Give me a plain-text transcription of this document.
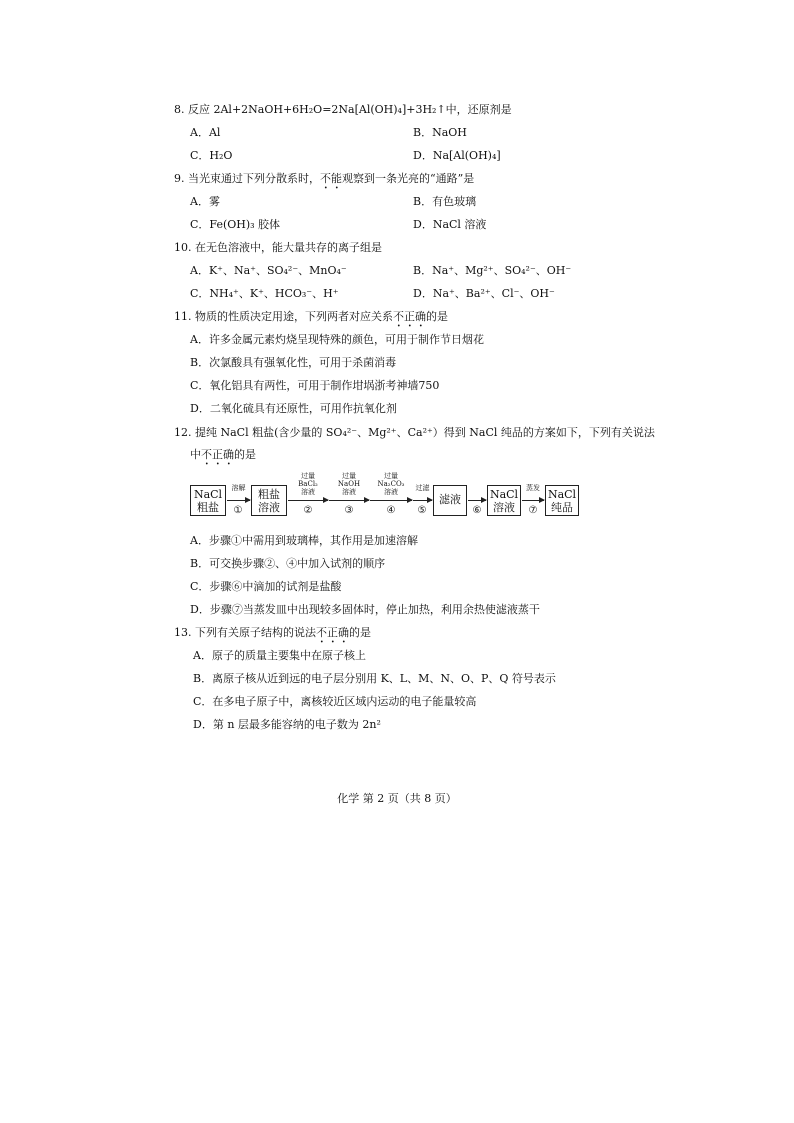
8. 反应 2Al+2NaOH+6H₂O=2Na[Al(OH)₄]+3H₂↑中，还原剂是
A．Al	B．NaOH
C．H₂O	D．Na[Al(OH)₄]
9. 当光束通过下列分散系时，不能观察到一条光亮的“通路”是
A．雾	B．有色玻璃
C．Fe(OH)₃ 胶体	D．NaCl 溶液
10. 在无色溶液中，能大量共存的离子组是
A．K⁺、Na⁺、SO₄²⁻、MnO₄⁻	B．Na⁺、Mg²⁺、SO₄²⁻、OH⁻
C．NH₄⁺、K⁺、HCO₃⁻、H⁺	D．Na⁺、Ba²⁺、Cl⁻、OH⁻
11. 物质的性质决定用途，下列两者对应关系不正确的是
A．许多金属元素灼烧呈现特殊的颜色，可用于制作节日烟花
B．次氯酸具有强氧化性，可用于杀菌消毒
C．氧化铝具有两性，可用于制作坩埚浙考神墙750
D．二氧化硫具有还原性，可用作抗氧化剂
12. 提纯 NaCl 粗盐(含少量的 SO₄²⁻、Mg²⁺、Ca²⁺）得到 NaCl 纯品的方案如下，下列有关说法
中不正确的是
NaCl
粗盐
溶解
①
粗盐
溶液
过量
BaCl₂
溶液
②
过量
NaOH
溶液
③
过量
Na₂CO₃
溶液
④
过滤
⑤
滤液
⑥
NaCl
溶液
蒸发
⑦
NaCl
纯品
A．步骤①中需用到玻璃棒，其作用是加速溶解
B．可交换步骤②、④中加入试剂的顺序
C．步骤⑥中滴加的试剂是盐酸
D．步骤⑦当蒸发皿中出现较多固体时，停止加热，利用余热使滤液蒸干
13. 下列有关原子结构的说法不正确的是
A．原子的质量主要集中在原子核上
B．离原子核从近到远的电子层分别用 K、L、M、N、O、P、Q 符号表示
C．在多电子原子中，离核较近区域内运动的电子能量较高
D．第 n 层最多能容纳的电子数为 2n²
化学 第 2 页（共 8 页）
